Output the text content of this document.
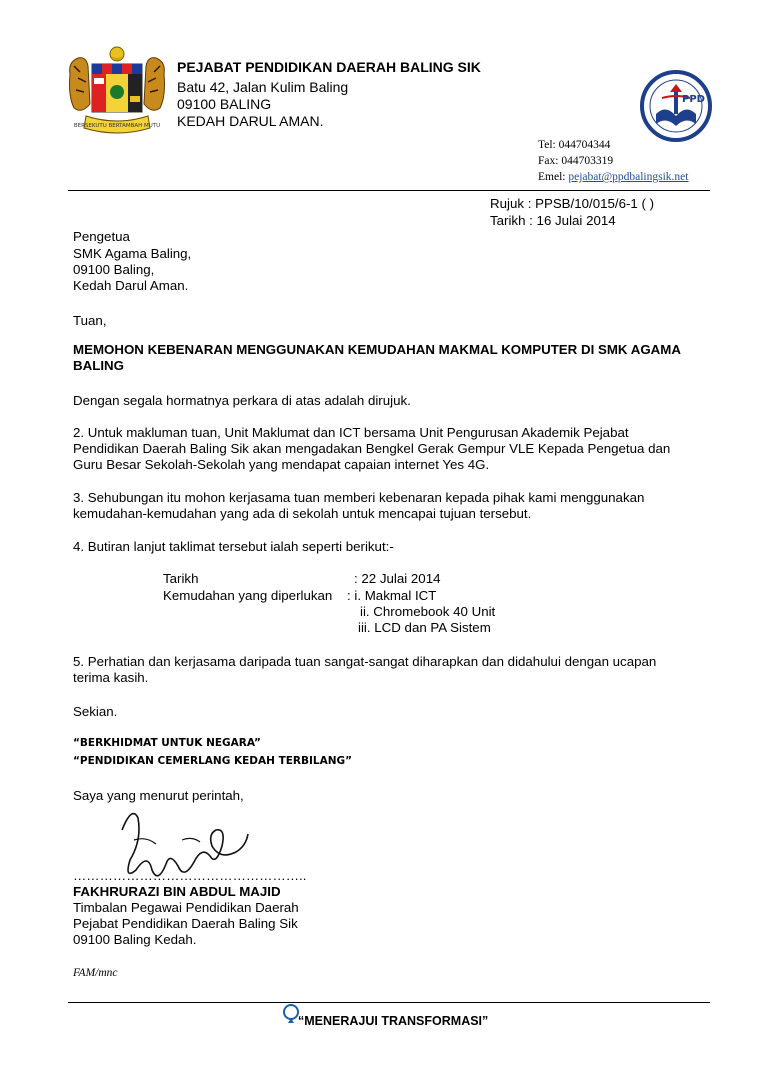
BERSEKUTU BERTAMBAH MUTU
PEJABAT PENDIDIKAN DAERAH BALING SIK
Batu 42, Jalan Kulim Baling
09100 BALING
KEDAH DARUL AMAN.
PPD
Tel: 044704344
Fax: 044703319
Emel: pejabat@ppdbalingsik.net
Rujuk : PPSB/10/015/6-1 ( )
Tarikh : 16 Julai 2014
Pengetua
SMK Agama Baling,
09100 Baling,
Kedah Darul Aman.
Tuan,
MEMOHON KEBENARAN MENGGUNAKAN KEMUDAHAN MAKMAL KOMPUTER DI SMK AGAMA
BALING
Dengan segala hormatnya perkara di atas adalah dirujuk.
2. Untuk makluman tuan, Unit Maklumat dan ICT bersama Unit Pengurusan Akademik Pejabat
Pendidikan Daerah Baling Sik akan mengadakan Bengkel Gerak Gempur VLE Kepada Pengetua dan
Guru Besar Sekolah-Sekolah yang mendapat capaian internet Yes 4G.
3. Sehubungan itu mohon kerjasama tuan memberi kebenaran kepada pihak kami menggunakan
kemudahan-kemudahan yang ada di sekolah untuk mencapai tujuan tersebut.
4. Butiran lanjut taklimat tersebut ialah seperti berikut:-
Tarikh	: 22 Julai 2014
Kemudahan yang diperlukan : i. Makmal ICT
ii. Chromebook 40 Unit
iii. LCD dan PA Sistem
5. Perhatian dan kerjasama daripada tuan sangat-sangat diharapkan dan didahului dengan ucapan
terima kasih.
Sekian.
“BERKHIDMAT UNTUK NEGARA”
“PENDIDIKAN CEMERLANG KEDAH TERBILANG”
Saya yang menurut perintah,
……………………………………………..
FAKHRURAZI BIN ABDUL MAJID
Timbalan Pegawai Pendidikan Daerah
Pejabat Pendidikan Daerah Baling Sik
09100 Baling Kedah.
FAM/mnc
“MENERAJUI TRANSFORMASI”
